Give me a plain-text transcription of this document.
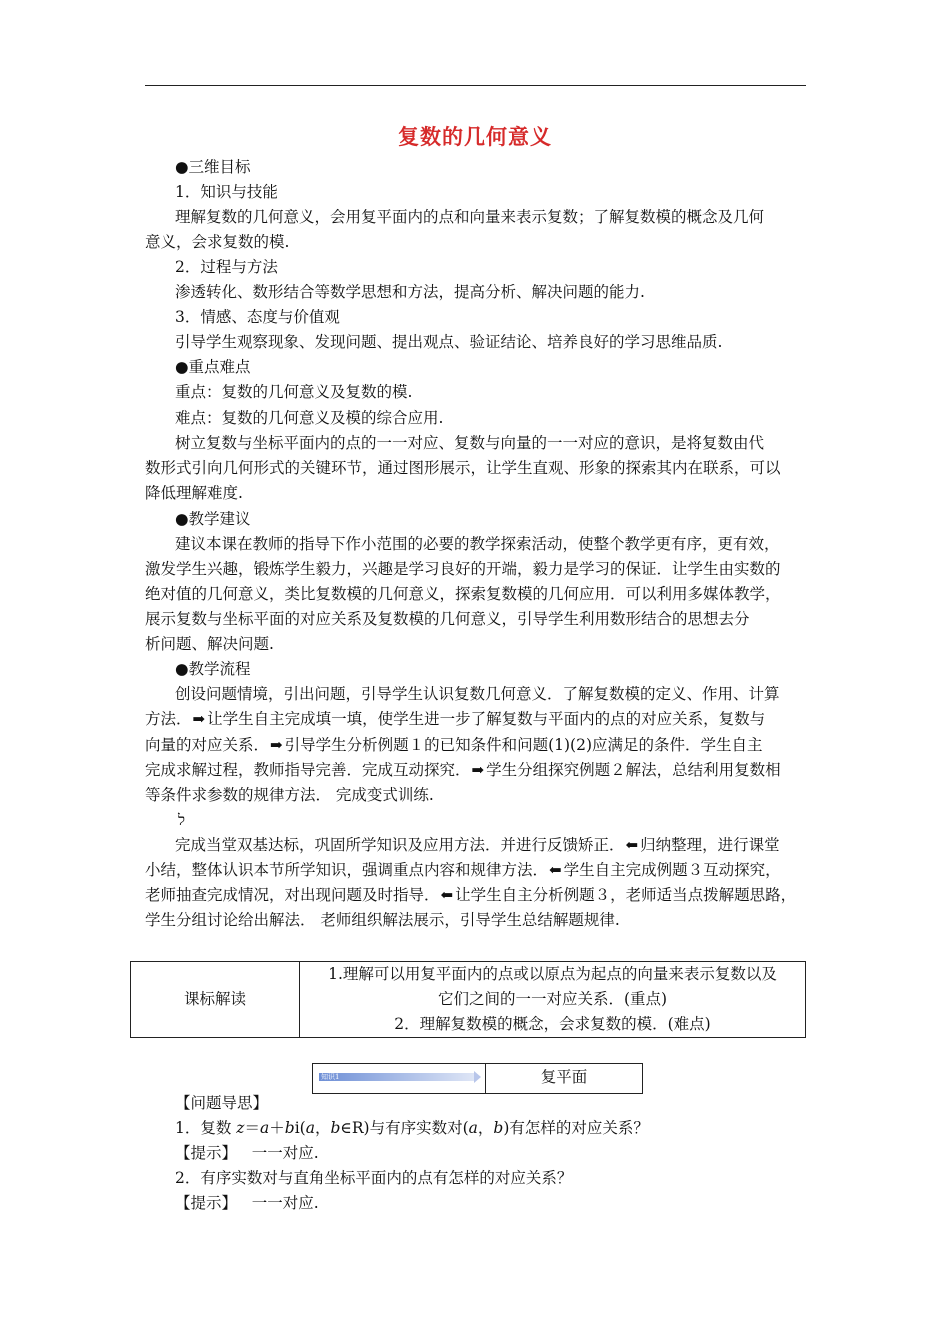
复数的几何意义
●三维目标
1．知识与技能
理解复数的几何意义，会用复平面内的点和向量来表示复数；了解复数模的概念及几何
意义，会求复数的模.
2．过程与方法
渗透转化、数形结合等数学思想和方法，提高分析、解决问题的能力.
3．情感、态度与价值观
引导学生观察现象、发现问题、提出观点、验证结论、培养良好的学习思维品质.
●重点难点
重点：复数的几何意义及复数的模.
难点：复数的几何意义及模的综合应用.
树立复数与坐标平面内的点的一一对应、复数与向量的一一对应的意识，是将复数由代
数形式引向几何形式的关键环节，通过图形展示，让学生直观、形象的探索其内在联系，可以
降低理解难度.
●教学建议
建议本课在教师的指导下作小范围的必要的教学探索活动，使整个教学更有序，更有效，
激发学生兴趣，锻炼学生毅力，兴趣是学习良好的开端，毅力是学习的保证．让学生由实数的
绝对值的几何意义，类比复数模的几何意义，探索复数模的几何应用．可以利用多媒体教学，
展示复数与坐标平面的对应关系及复数模的几何意义，引导学生利用数形结合的思想去分
析问题、解决问题.
●教学流程
创设问题情境，引出问题，引导学生认识复数几何意义．了解复数模的定义、作用、计算
方法．➡ 让学生自主完成填一填，使学生进一步了解复数与平面内的点的对应关系，复数与
向量的对应关系．➡ 引导学生分析例题１的已知条件和问题(1)(2)应满足的条件．学生自主
完成求解过程，教师指导完善．完成互动探究．➡ 学生分组探究例题２解法，总结利用复数相
等条件求参数的规律方法． 完成变式训练.
ל
完成当堂双基达标，巩固所学知识及应用方法．并进行反馈矫正．⬅ 归纳整理，进行课堂
小结，整体认识本节所学知识，强调重点内容和规律方法．⬅ 学生自主完成例题３互动探究，
老师抽查完成情况，对出现问题及时指导．⬅ 让学生自主分析例题３，老师适当点拨解题思路，
学生分组讨论给出解法． 老师组织解法展示，引导学生总结解题规律.
课标解读	
1.理解可以用复平面内的点或以原点为起点的向量来表示复数以及
它们之间的一一对应关系．(重点)
2．理解复数模的概念，会求复数的模．(难点)
知识1	复平面
【问题导思】
1．复数 z＝a＋bi(a，b∈R)与有序实数对(a，b)有怎样的对应关系？
【提示】 一一对应.
2．有序实数对与直角坐标平面内的点有怎样的对应关系？
【提示】 一一对应.
